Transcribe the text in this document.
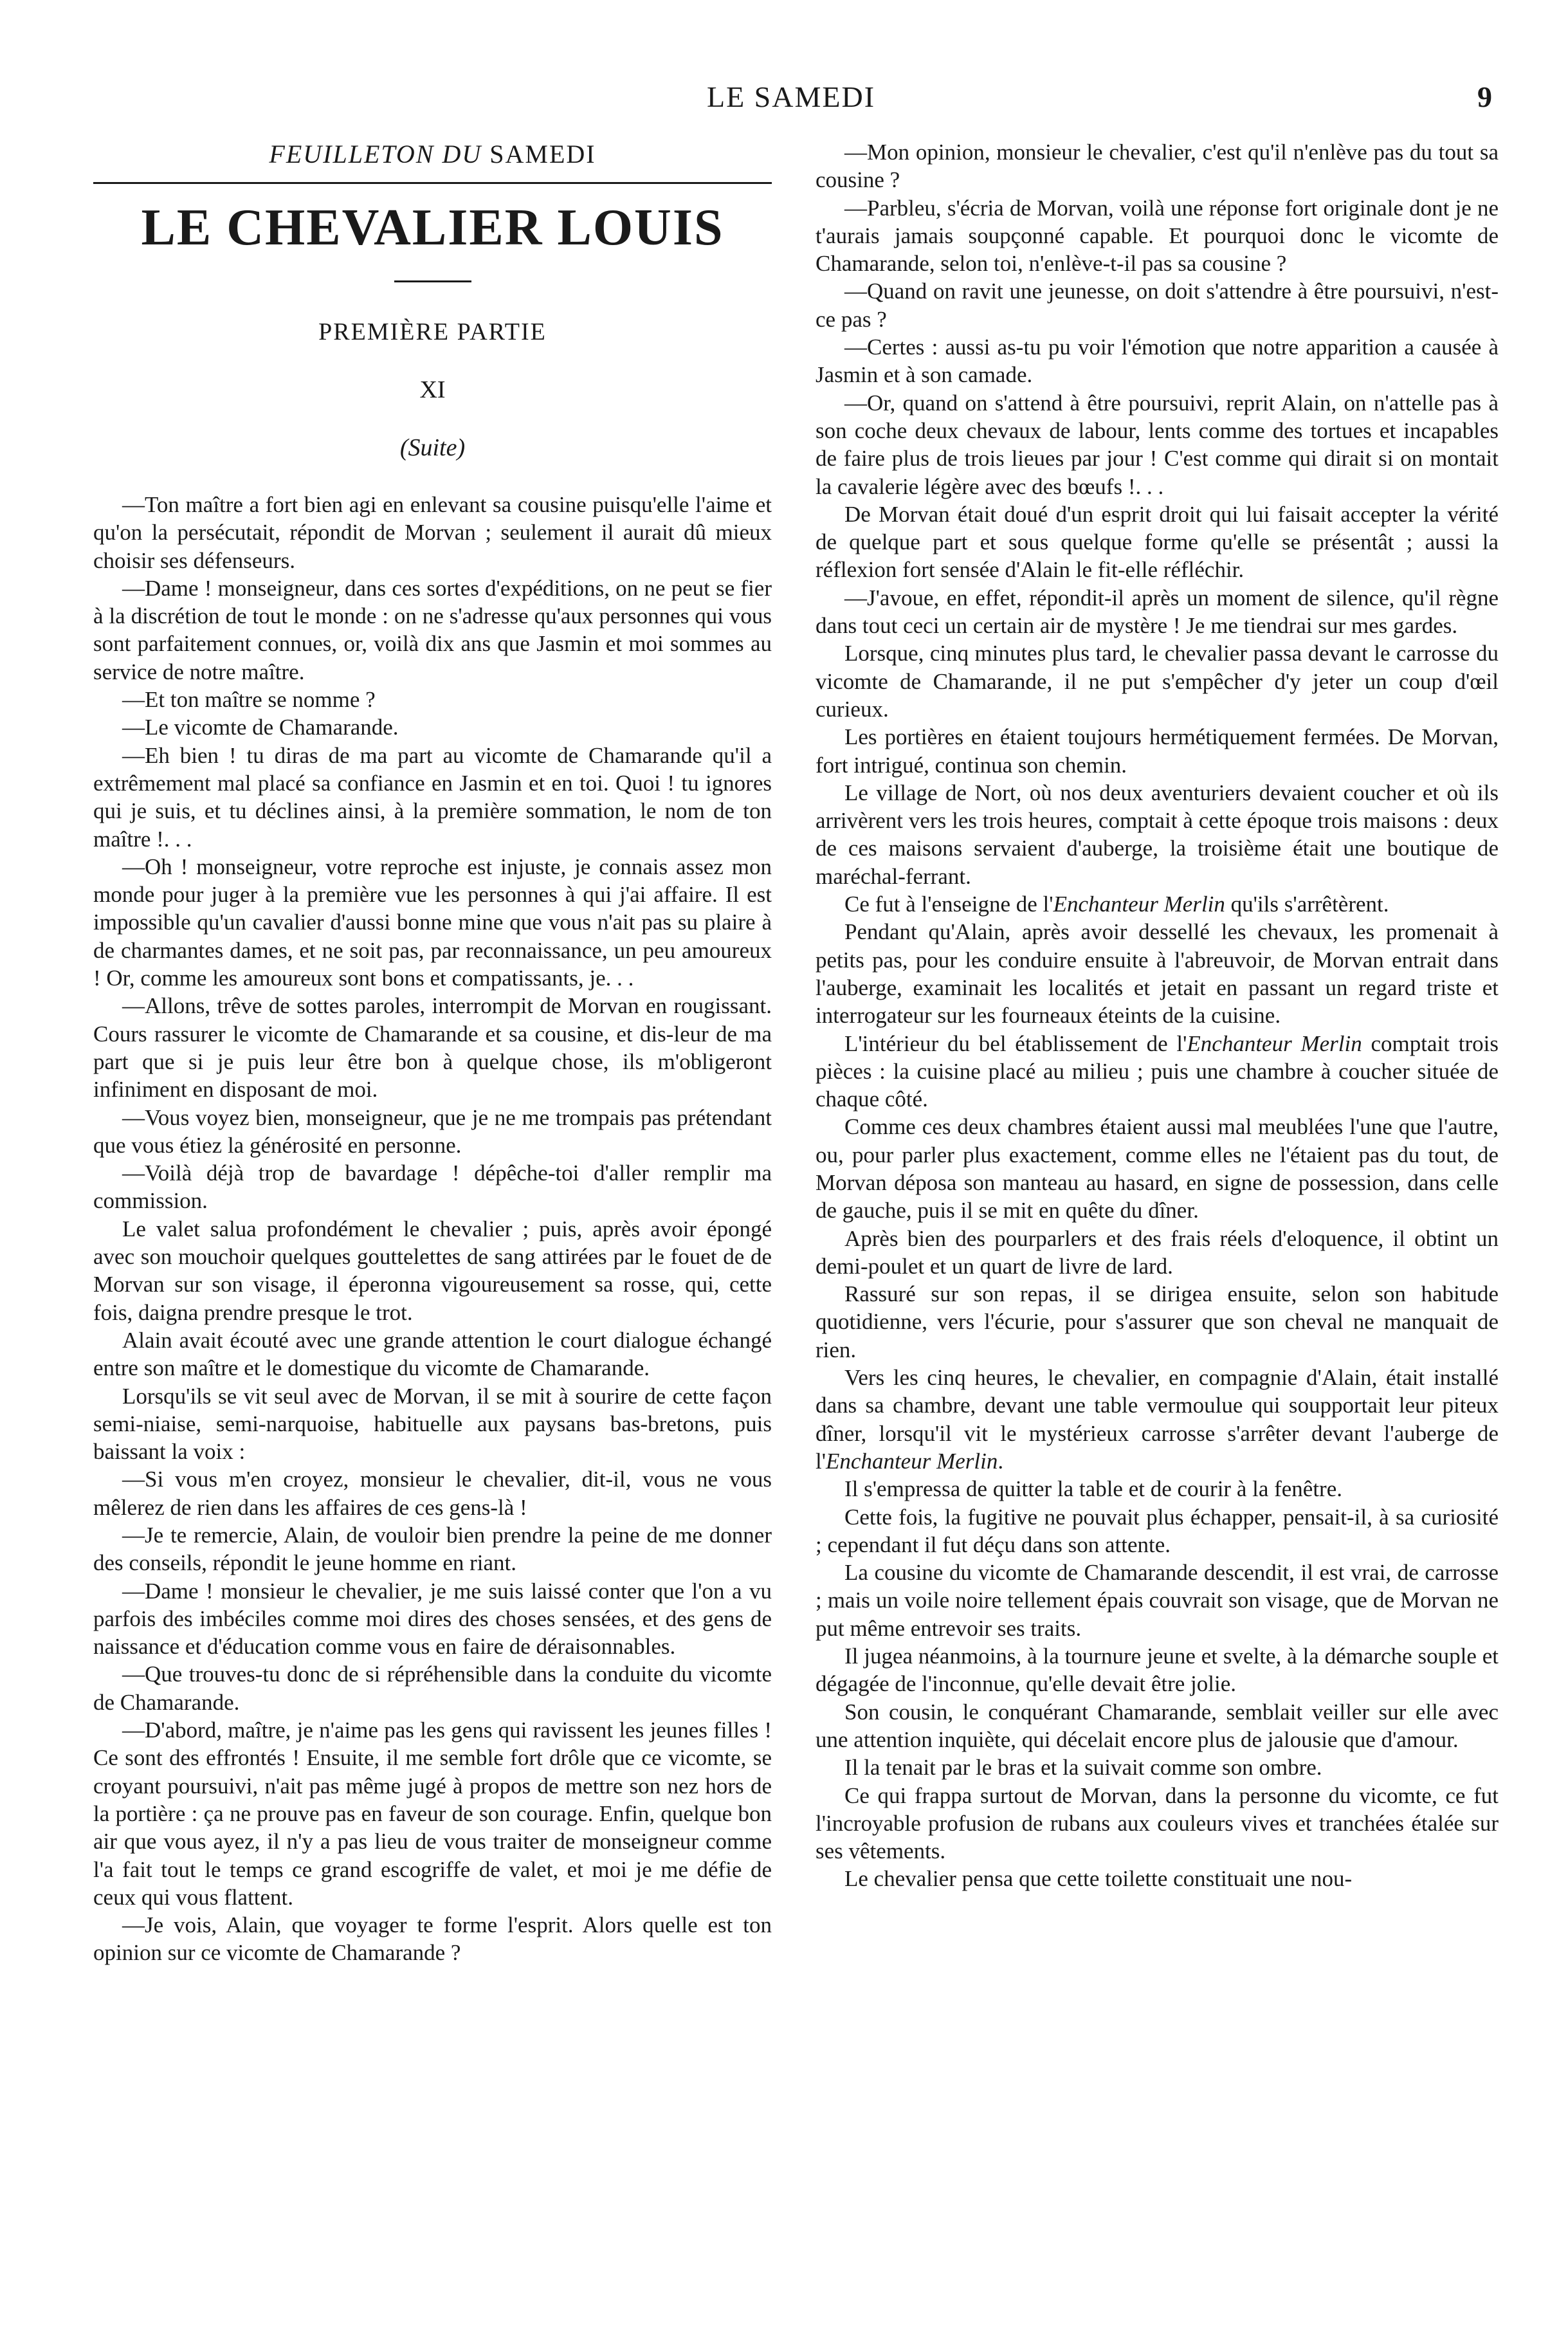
LE SAMEDI	9
FEUILLETON DU SAMEDI
LE CHEVALIER LOUIS
PREMIÈRE PARTIE
XI
(Suite)

—Ton maître a fort bien agi en enlevant sa cousine puisqu'elle l'aime et qu'on la persécutait, répondit de Morvan ; seulement il aurait dû mieux choisir ses défenseurs.

—Dame ! monseigneur, dans ces sortes d'expéditions, on ne peut se fier à la discrétion de tout le monde : on ne s'adresse qu'aux personnes qui vous sont parfaitement connues, or, voilà dix ans que Jasmin et moi sommes au service de notre maître.

—Et ton maître se nomme ?

—Le vicomte de Chamarande.

—Eh bien ! tu diras de ma part au vicomte de Chamarande qu'il a extrêmement mal placé sa confiance en Jasmin et en toi. Quoi ! tu ignores qui je suis, et tu déclines ainsi, à la première sommation, le nom de ton maître !. . .

—Oh ! monseigneur, votre reproche est injuste, je connais assez mon monde pour juger à la première vue les personnes à qui j'ai affaire. Il est impossible qu'un cavalier d'aussi bonne mine que vous n'ait pas su plaire à de charmantes dames, et ne soit pas, par reconnaissance, un peu amoureux ! Or, comme les amoureux sont bons et compatissants, je. . .

—Allons, trêve de sottes paroles, interrompit de Morvan en rougissant. Cours rassurer le vicomte de Chamarande et sa cousine, et dis-leur de ma part que si je puis leur être bon à quelque chose, ils m'obligeront infiniment en disposant de moi.

—Vous voyez bien, monseigneur, que je ne me trompais pas prétendant que vous étiez la générosité en personne.

—Voilà déjà trop de bavardage ! dépêche-toi d'aller remplir ma commission.

Le valet salua profondément le chevalier ; puis, après avoir épongé avec son mouchoir quelques gouttelettes de sang attirées par le fouet de de Morvan sur son visage, il éperonna vigoureusement sa rosse, qui, cette fois, daigna prendre presque le trot.

Alain avait écouté avec une grande attention le court dialogue échangé entre son maître et le domestique du vicomte de Chamarande.

Lorsqu'ils se vit seul avec de Morvan, il se mit à sourire de cette façon semi-niaise, semi-narquoise, habituelle aux paysans bas-bretons, puis baissant la voix :

—Si vous m'en croyez, monsieur le chevalier, dit-il, vous ne vous mêlerez de rien dans les affaires de ces gens-là !

—Je te remercie, Alain, de vouloir bien prendre la peine de me donner des conseils, répondit le jeune homme en riant.

—Dame ! monsieur le chevalier, je me suis laissé conter que l'on a vu parfois des imbéciles comme moi dires des choses sensées, et des gens de naissance et d'éducation comme vous en faire de déraisonnables.

—Que trouves-tu donc de si répréhensible dans la conduite du vicomte de Chamarande.

—D'abord, maître, je n'aime pas les gens qui ravissent les jeunes filles ! Ce sont des effrontés ! Ensuite, il me semble fort drôle que ce vicomte, se croyant poursuivi, n'ait pas même jugé à propos de mettre son nez hors de la portière : ça ne prouve pas en faveur de son courage. Enfin, quelque bon air que vous ayez, il n'y a pas lieu de vous traiter de monseigneur comme l'a fait tout le temps ce grand escogriffe de valet, et moi je me défie de ceux qui vous flattent.

—Je vois, Alain, que voyager te forme l'esprit. Alors quelle est ton opinion sur ce vicomte de Chamarande ?

—Mon opinion, monsieur le chevalier, c'est qu'il n'enlève pas du tout sa cousine ?

—Parbleu, s'écria de Morvan, voilà une réponse fort originale dont je ne t'aurais jamais soupçonné capable. Et pourquoi donc le vicomte de Chamarande, selon toi, n'enlève-t-il pas sa cousine ?

—Quand on ravit une jeunesse, on doit s'attendre à être poursuivi, n'est-ce pas ?

—Certes : aussi as-tu pu voir l'émotion que notre apparition a causée à Jasmin et à son camade.

—Or, quand on s'attend à être poursuivi, reprit Alain, on n'attelle pas à son coche deux chevaux de labour, lents comme des tortues et incapables de faire plus de trois lieues par jour ! C'est comme qui dirait si on montait la cavalerie légère avec des bœufs !. . .

De Morvan était doué d'un esprit droit qui lui faisait accepter la vérité de quelque part et sous quelque forme qu'elle se présentât ; aussi la réflexion fort sensée d'Alain le fit-elle réfléchir.

—J'avoue, en effet, répondit-il après un moment de silence, qu'il règne dans tout ceci un certain air de mystère ! Je me tiendrai sur mes gardes.

Lorsque, cinq minutes plus tard, le chevalier passa devant le carrosse du vicomte de Chamarande, il ne put s'empêcher d'y jeter un coup d'œil curieux.

Les portières en étaient toujours hermétiquement fermées. De Morvan, fort intrigué, continua son chemin.

Le village de Nort, où nos deux aventuriers devaient coucher et où ils arrivèrent vers les trois heures, comptait à cette époque trois maisons : deux de ces maisons servaient d'auberge, la troisième était une boutique de maréchal-ferrant.

Ce fut à l'enseigne de l'Enchanteur Merlin qu'ils s'arrêtèrent.

Pendant qu'Alain, après avoir dessellé les chevaux, les promenait à petits pas, pour les conduire ensuite à l'abreuvoir, de Morvan entrait dans l'auberge, examinait les localités et jetait en passant un regard triste et interrogateur sur les fourneaux éteints de la cuisine.

L'intérieur du bel établissement de l'Enchanteur Merlin comptait trois pièces : la cuisine placé au milieu ; puis une chambre à coucher située de chaque côté.

Comme ces deux chambres étaient aussi mal meublées l'une que l'autre, ou, pour parler plus exactement, comme elles ne l'étaient pas du tout, de Morvan déposa son manteau au hasard, en signe de possession, dans celle de gauche, puis il se mit en quête du dîner.

Après bien des pourparlers et des frais réels d'eloquence, il obtint un demi-poulet et un quart de livre de lard.

Rassuré sur son repas, il se dirigea ensuite, selon son habitude quotidienne, vers l'écurie, pour s'assurer que son cheval ne manquait de rien.

Vers les cinq heures, le chevalier, en compagnie d'Alain, était installé dans sa chambre, devant une table vermoulue qui soupportait leur piteux dîner, lorsqu'il vit le mystérieux carrosse s'arrêter devant l'auberge de l'Enchanteur Merlin.

Il s'empressa de quitter la table et de courir à la fenêtre.

Cette fois, la fugitive ne pouvait plus échapper, pensait-il, à sa curiosité ; cependant il fut déçu dans son attente.

La cousine du vicomte de Chamarande descendit, il est vrai, de carrosse ; mais un voile noire tellement épais couvrait son visage, que de Morvan ne put même entrevoir ses traits.

Il jugea néanmoins, à la tournure jeune et svelte, à la démarche souple et dégagée de l'inconnue, qu'elle devait être jolie.

Son cousin, le conquérant Chamarande, semblait veiller sur elle avec une attention inquiète, qui décelait encore plus de jalousie que d'amour.

Il la tenait par le bras et la suivait comme son ombre.

Ce qui frappa surtout de Morvan, dans la personne du vicomte, ce fut l'incroyable profusion de rubans aux couleurs vives et tranchées étalée sur ses vêtements.

Le chevalier pensa que cette toilette constituait une nou-
